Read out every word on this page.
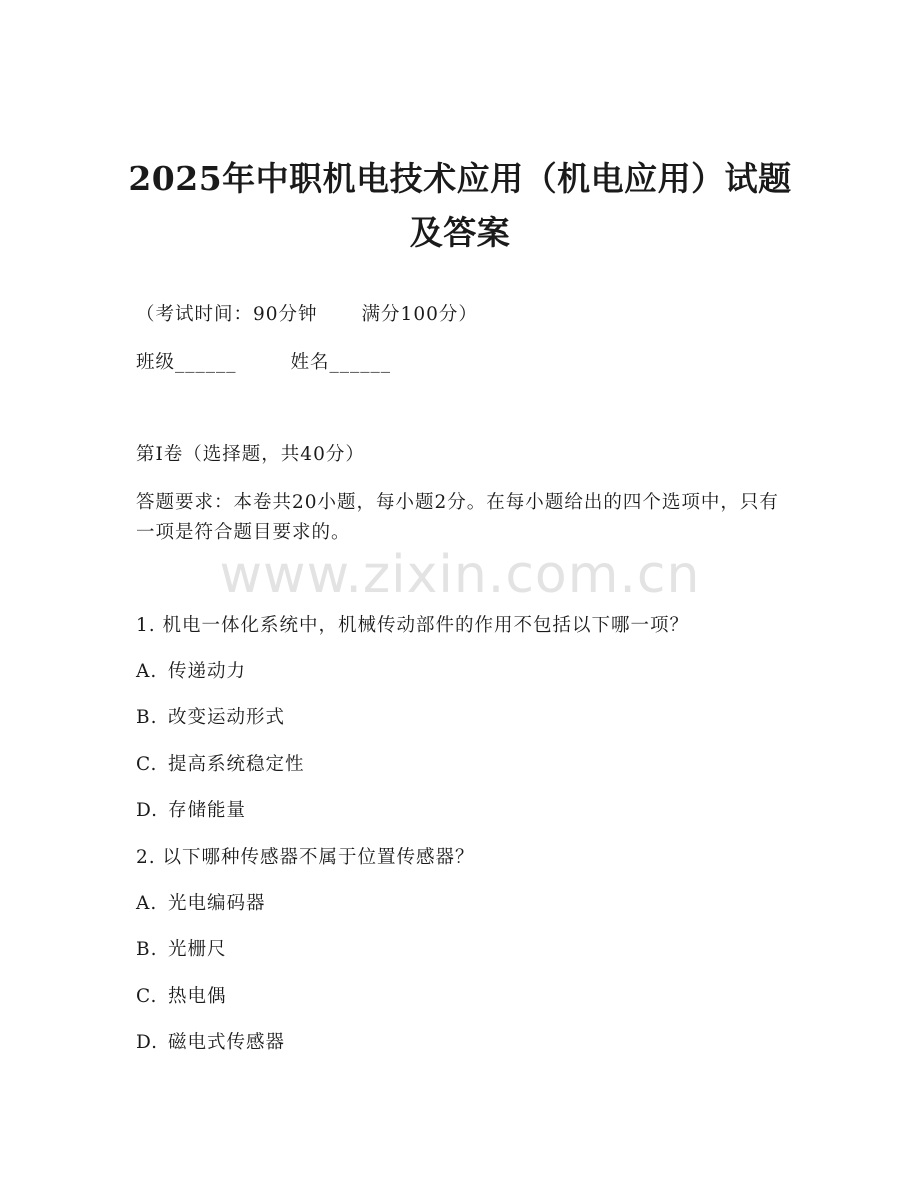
2025年中职机电技术应用（机电应用）试题
及答案
（考试时间：90分钟 满分100分）
班级______	姓名______
第I卷（选择题，共40分）
答题要求：本卷共20小题，每小题2分。在每小题给出的四个选项中，只有一项是符合题目要求的。
www.zixin.com.cn
1. 机电一体化系统中，机械传动部件的作用不包括以下哪一项？
A. 传递动力
B. 改变运动形式
C. 提高系统稳定性
D. 存储能量
2. 以下哪种传感器不属于位置传感器？
A. 光电编码器
B. 光栅尺
C. 热电偶
D. 磁电式传感器
